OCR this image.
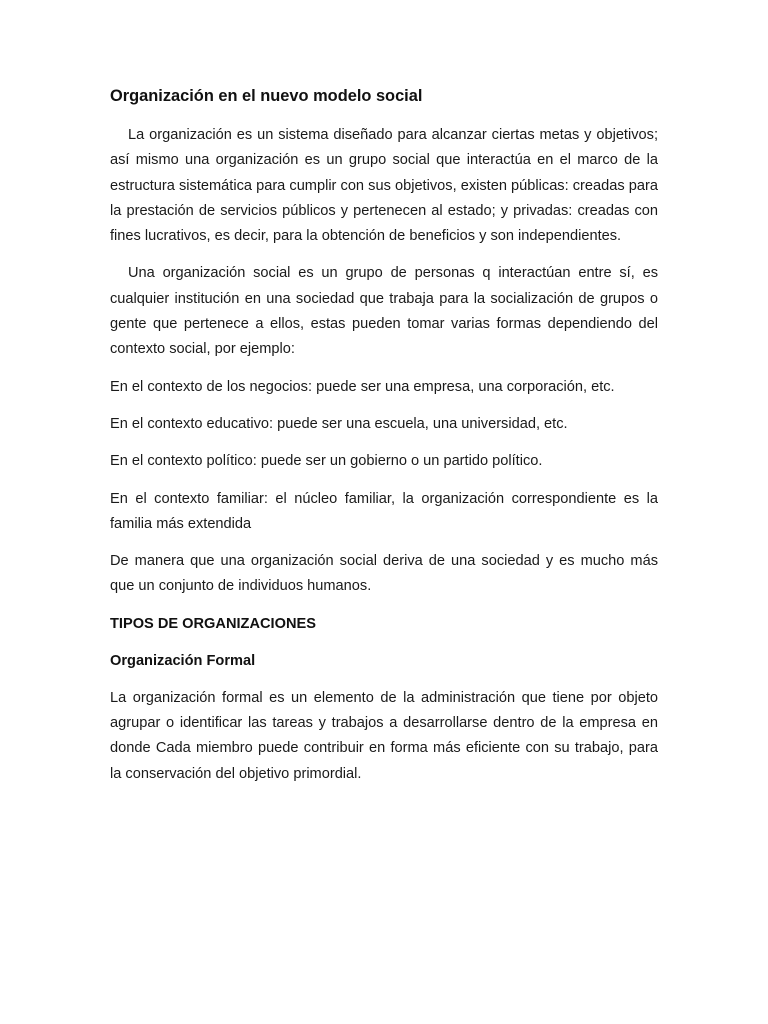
Organización en el nuevo modelo social

La organización es un sistema diseñado para alcanzar ciertas metas y objetivos; así mismo una organización es un grupo social que interactúa en el marco de la estructura sistemática para cumplir con sus objetivos, existen públicas: creadas para la prestación de servicios públicos y pertenecen al estado; y privadas: creadas con fines lucrativos, es decir, para la obtención de beneficios y son independientes.

Una organización social es un grupo de personas q interactúan entre sí, es cualquier institución en una sociedad que trabaja para la socialización de grupos o gente que pertenece a ellos, estas pueden tomar varias formas dependiendo del contexto social, por ejemplo:

En el contexto de los negocios: puede ser una empresa, una corporación, etc.

En el contexto educativo: puede ser una escuela, una universidad, etc.

En el contexto político: puede ser un gobierno o un partido político.

En el contexto familiar: el núcleo familiar, la organización correspondiente es la familia más extendida

De manera que una organización social deriva de una sociedad y es mucho más que un conjunto de individuos humanos.

TIPOS DE ORGANIZACIONES
Organización Formal

La organización formal es un elemento de la administración que tiene por objeto agrupar o identificar las tareas y trabajos a desarrollarse dentro de la empresa en donde Cada miembro puede contribuir en forma más eficiente con su trabajo, para la conservación del objetivo primordial.
